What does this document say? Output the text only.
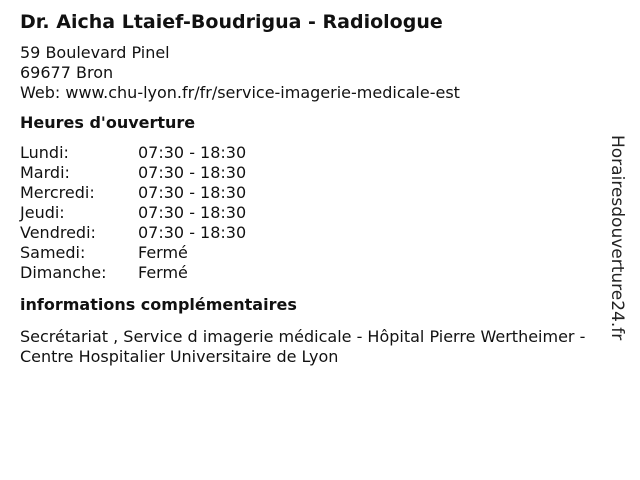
Dr. Aicha Ltaief-Boudrigua - Radiologue
59 Boulevard Pinel
69677 Bron
Web: www.chu-lyon.fr/fr/service-imagerie-medicale-est
Heures d'ouverture
Lundi:	07:30 - 18:30
Mardi:	07:30 - 18:30
Mercredi:	07:30 - 18:30
Jeudi:	07:30 - 18:30
Vendredi:	07:30 - 18:30
Samedi:	Fermé
Dimanche:	Fermé
informations complémentaires
Secrétariat , Service d imagerie médicale - Hôpital Pierre Wertheimer - Centre Hospitalier Universitaire de Lyon
Horairesdouverture24.fr
